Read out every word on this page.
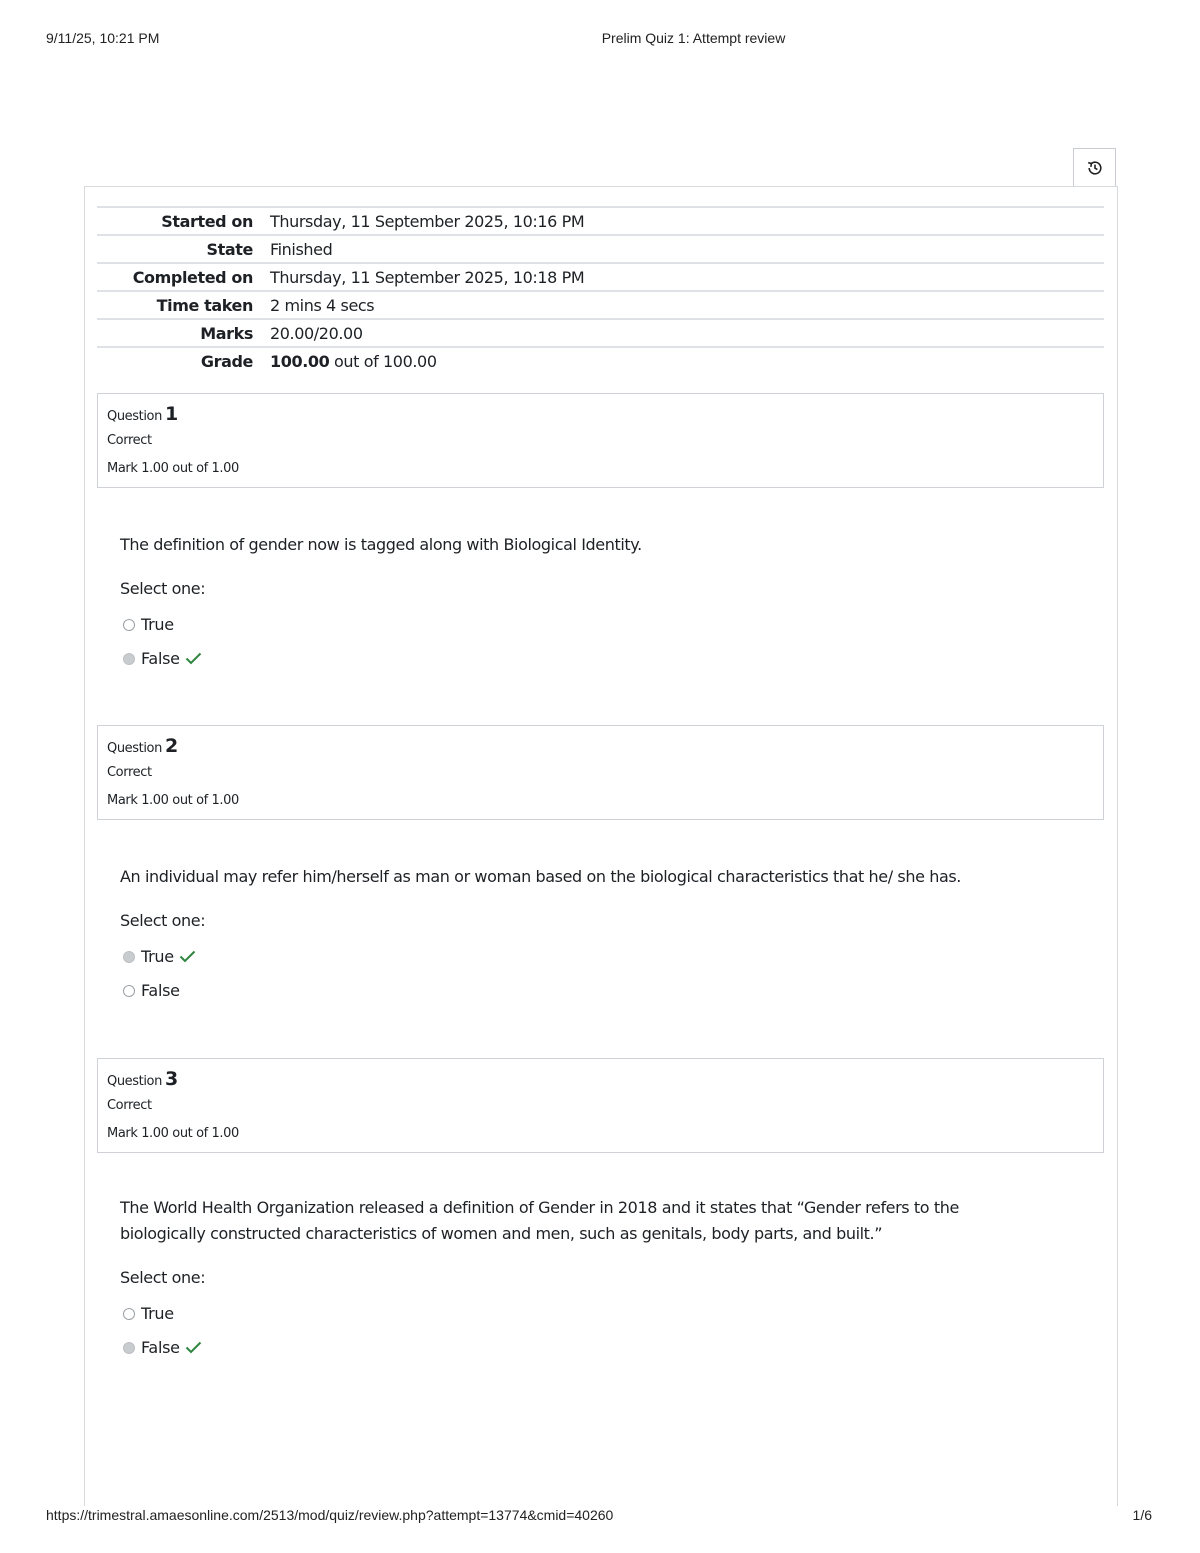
9/11/25, 10:21 PM	Prelim Quiz 1: Attempt review
Started on	Thursday, 11 September 2025, 10:16 PM
State	Finished
Completed on	Thursday, 11 September 2025, 10:18 PM
Time taken	2 mins 4 secs
Marks	20.00/20.00
Grade	100.00 out of 100.00
Question 1
Correct
Mark 1.00 out of 1.00
The definition of gender now is tagged along with Biological Identity.
Select one:
True
False
Question 2
Correct
Mark 1.00 out of 1.00
An individual may refer him/herself as man or woman based on the biological characteristics that he/ she has.
Select one:
True
False
Question 3
Correct
Mark 1.00 out of 1.00
The World Health Organization released a definition of Gender in 2018 and it states that “Gender refers to the biologically constructed characteristics of women and men, such as genitals, body parts, and built.”
Select one:
True
False
https://trimestral.amaesonline.com/2513/mod/quiz/review.php?attempt=13774&cmid=40260	1/6
